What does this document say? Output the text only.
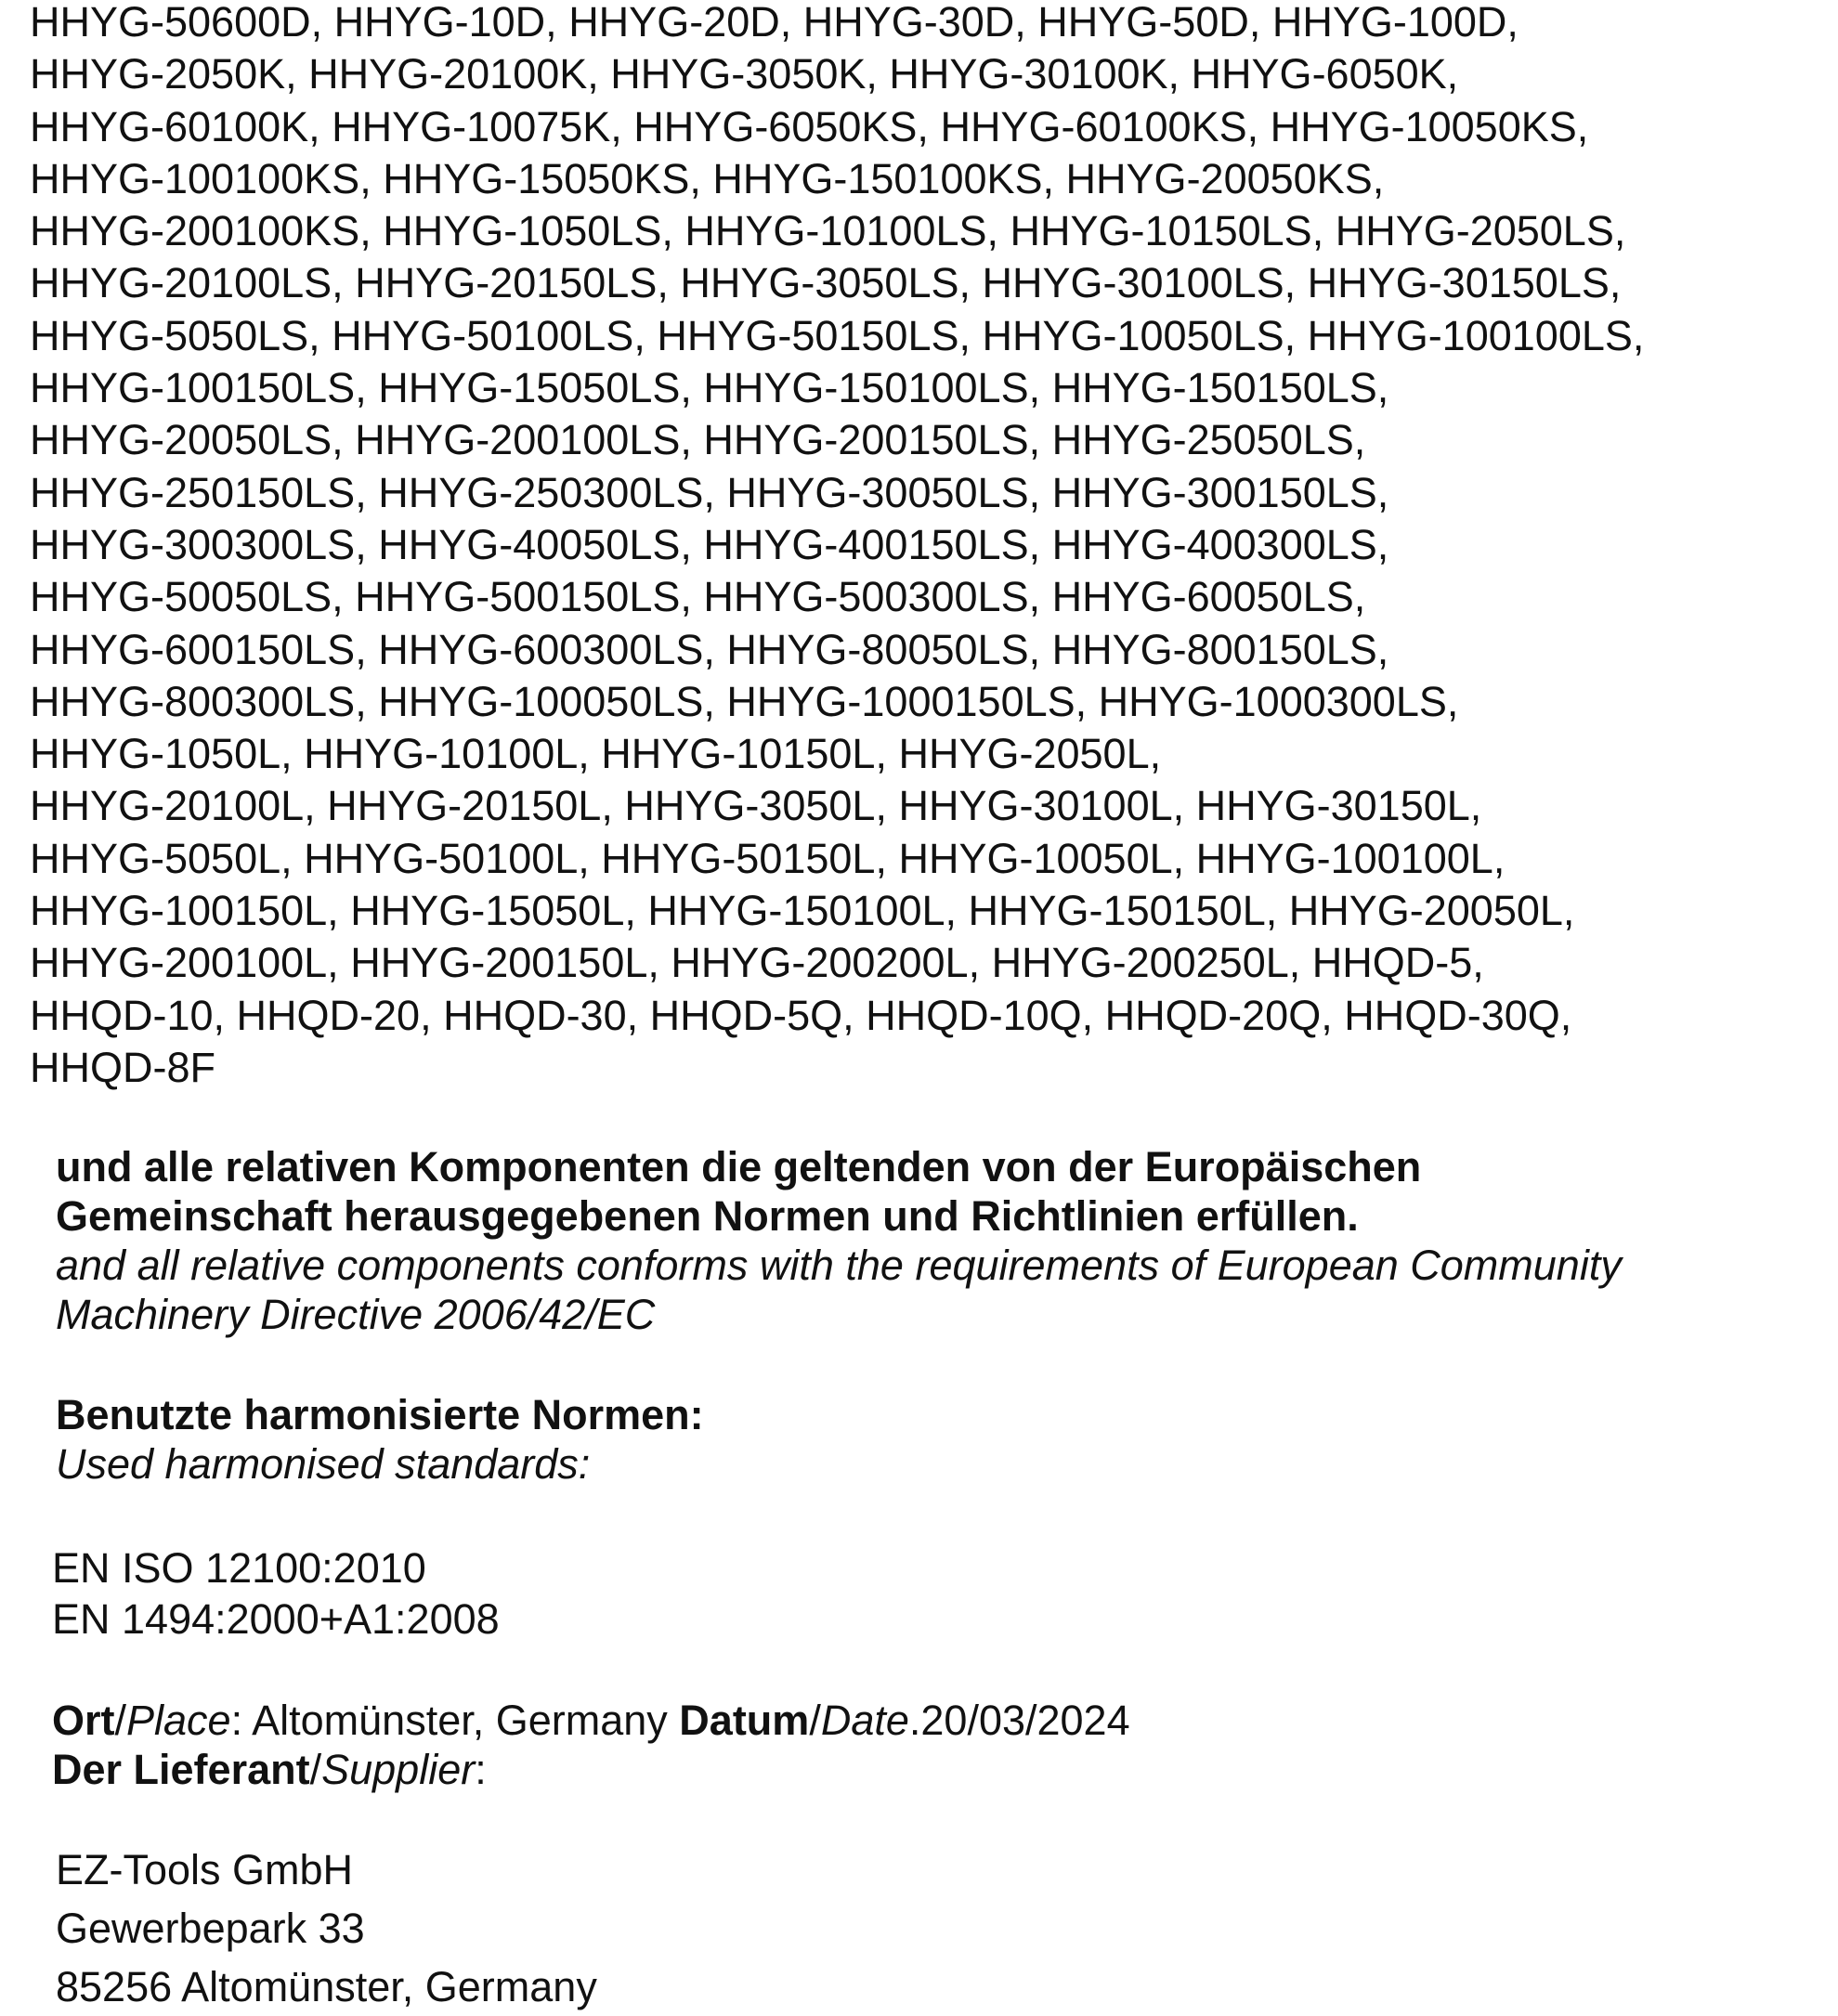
HHYG-50600D, HHYG-10D, HHYG-20D, HHYG-30D, HHYG-50D, HHYG-100D,

HHYG-2050K, HHYG-20100K, HHYG-3050K, HHYG-30100K, HHYG-6050K,

HHYG-60100K, HHYG-10075K, HHYG-6050KS, HHYG-60100KS, HHYG-10050KS,

HHYG-100100KS, HHYG-15050KS, HHYG-150100KS, HHYG-20050KS,

HHYG-200100KS, HHYG-1050LS, HHYG-10100LS, HHYG-10150LS, HHYG-2050LS,

HHYG-20100LS, HHYG-20150LS, HHYG-3050LS, HHYG-30100LS, HHYG-30150LS,

HHYG-5050LS, HHYG-50100LS, HHYG-50150LS, HHYG-10050LS, HHYG-100100LS,

HHYG-100150LS, HHYG-15050LS, HHYG-150100LS, HHYG-150150LS,

HHYG-20050LS, HHYG-200100LS, HHYG-200150LS, HHYG-25050LS,

HHYG-250150LS, HHYG-250300LS, HHYG-30050LS, HHYG-300150LS,

HHYG-300300LS, HHYG-40050LS, HHYG-400150LS, HHYG-400300LS,

HHYG-50050LS, HHYG-500150LS, HHYG-500300LS, HHYG-60050LS,

HHYG-600150LS, HHYG-600300LS, HHYG-80050LS, HHYG-800150LS,

HHYG-800300LS, HHYG-100050LS, HHYG-1000150LS, HHYG-1000300LS,

HHYG-1050L, HHYG-10100L, HHYG-10150L, HHYG-2050L,

HHYG-20100L, HHYG-20150L, HHYG-3050L, HHYG-30100L, HHYG-30150L,

HHYG-5050L, HHYG-50100L, HHYG-50150L, HHYG-10050L, HHYG-100100L,

HHYG-100150L, HHYG-15050L, HHYG-150100L, HHYG-150150L, HHYG-20050L,

HHYG-200100L, HHYG-200150L, HHYG-200200L, HHYG-200250L, HHQD-5,

HHQD-10, HHQD-20, HHQD-30, HHQD-5Q, HHQD-10Q, HHQD-20Q, HHQD-30Q,

HHQD-8F

und alle relativen Komponenten die geltenden von der Europäischen

Gemeinschaft herausgegebenen Normen und Richtlinien erfüllen.

and all relative components conforms with the requirements of European Community

Machinery Directive 2006/42/EC

Benutzte harmonisierte Normen:

Used harmonised standards:

EN ISO 12100:2010

EN 1494:2000+A1:2008

Ort/Place: Altomünster, Germany Datum/Date.20/03/2024

Der Lieferant/Supplier:

EZ-Tools GmbH

Gewerbepark 33

85256 Altomünster, Germany
